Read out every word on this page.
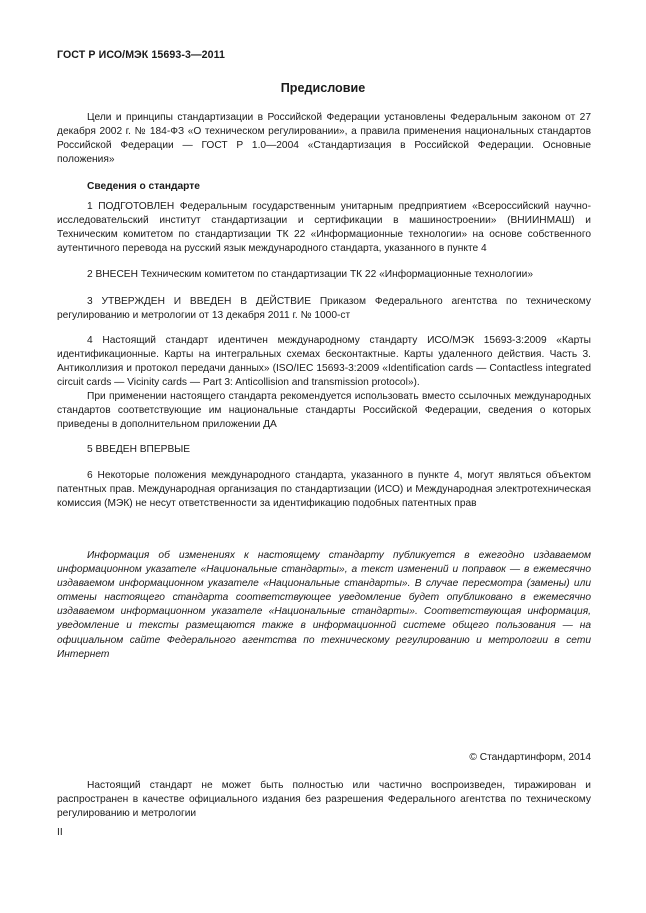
ГОСТ Р ИСО/МЭК 15693-3—2011
Предисловие

Цели и принципы стандартизации в Российской Федерации установлены Федеральным законом от 27 декабря 2002 г. № 184-ФЗ «О техническом регулировании», а правила применения национальных стандартов Российской Федерации — ГОСТ Р 1.0—2004 «Стандартизация в Российской Федерации. Основные положения»

Сведения о стандарте

1 ПОДГОТОВЛЕН Федеральным государственным унитарным предприятием «Всероссийский научно-исследовательский институт стандартизации и сертификации в машиностроении» (ВНИИНМАШ) и Техническим комитетом по стандартизации ТК 22 «Информационные технологии» на основе собственного аутентичного перевода на русский язык международного стандарта, указанного в пункте 4

2 ВНЕСЕН Техническим комитетом по стандартизации ТК 22 «Информационные технологии»

3 УТВЕРЖДЕН И ВВЕДЕН В ДЕЙСТВИЕ Приказом Федерального агентства по техническому регулированию и метрологии от 13 декабря 2011 г. № 1000-ст

4 Настоящий стандарт идентичен международному стандарту ИСО/МЭК 15693-3:2009 «Карты идентификационные. Карты на интегральных схемах бесконтактные. Карты удаленного действия. Часть 3. Антиколлизия и протокол передачи данных» (ISO/IEC 15693-3:2009 «Identification cards — Contactless integrated circuit cards — Vicinity cards — Part 3: Anticollision and transmission protocol»).

При применении настоящего стандарта рекомендуется использовать вместо ссылочных международных стандартов соответствующие им национальные стандарты Российской Федерации, сведения о которых приведены в дополнительном приложении ДА

5 ВВЕДЕН ВПЕРВЫЕ

6 Некоторые положения международного стандарта, указанного в пункте 4, могут являться объектом патентных прав. Международная организация по стандартизации (ИСО) и Международная электротехническая комиссия (МЭК) не несут ответственности за идентификацию подобных патентных прав

Информация об изменениях к настоящему стандарту публикуется в ежегодно издаваемом информационном указателе «Национальные стандарты», а текст изменений и поправок — в ежемесячно издаваемом информационном указателе «Национальные стандарты». В случае пересмотра (замены) или отмены настоящего стандарта соответствующее уведомление будет опубликовано в ежемесячно издаваемом информационном указателе «Национальные стандарты». Соответствующая информация, уведомление и тексты размещаются также в информационной системе общего пользования — на официальном сайте Федерального агентства по техническому регулированию и метрологии в сети Интернет

© Стандартинформ, 2014

Настоящий стандарт не может быть полностью или частично воспроизведен, тиражирован и распространен в качестве официального издания без разрешения Федерального агентства по техническому регулированию и метрологии

II
